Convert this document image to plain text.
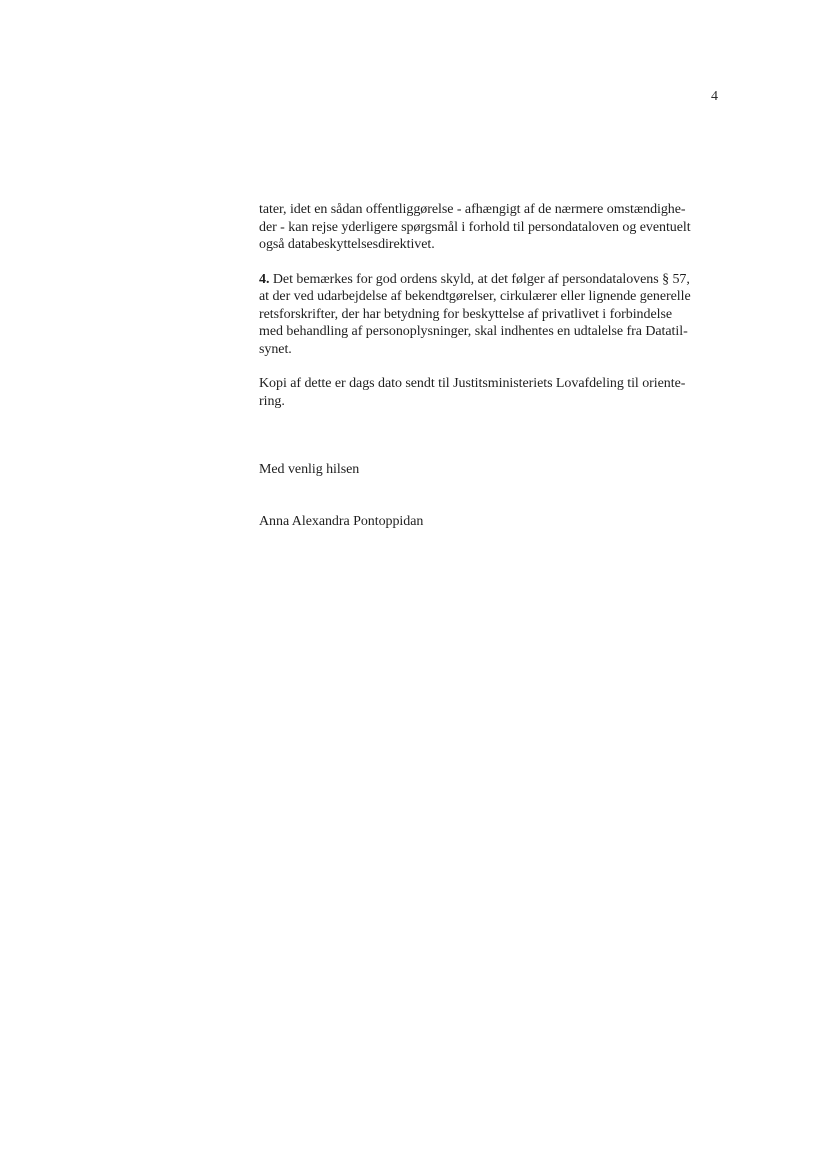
4

tater, idet en sådan offentliggørelse - afhængigt af de nærmere omstændighe-
der - kan rejse yderligere spørgsmål i forhold til persondataloven og eventuelt
også databeskyttelsesdirektivet.

4. Det bemærkes for god ordens skyld, at det følger af persondatalovens § 57,
at der ved udarbejdelse af bekendtgørelser, cirkulærer eller lignende generelle
retsforskrifter, der har betydning for beskyttelse af privatlivet i forbindelse
med behandling af personoplysninger, skal indhentes en udtalelse fra Datatil-
synet.

Kopi af dette er dags dato sendt til Justitsministeriets Lovafdeling til oriente-
ring.

Med venlig hilsen

Anna Alexandra Pontoppidan
